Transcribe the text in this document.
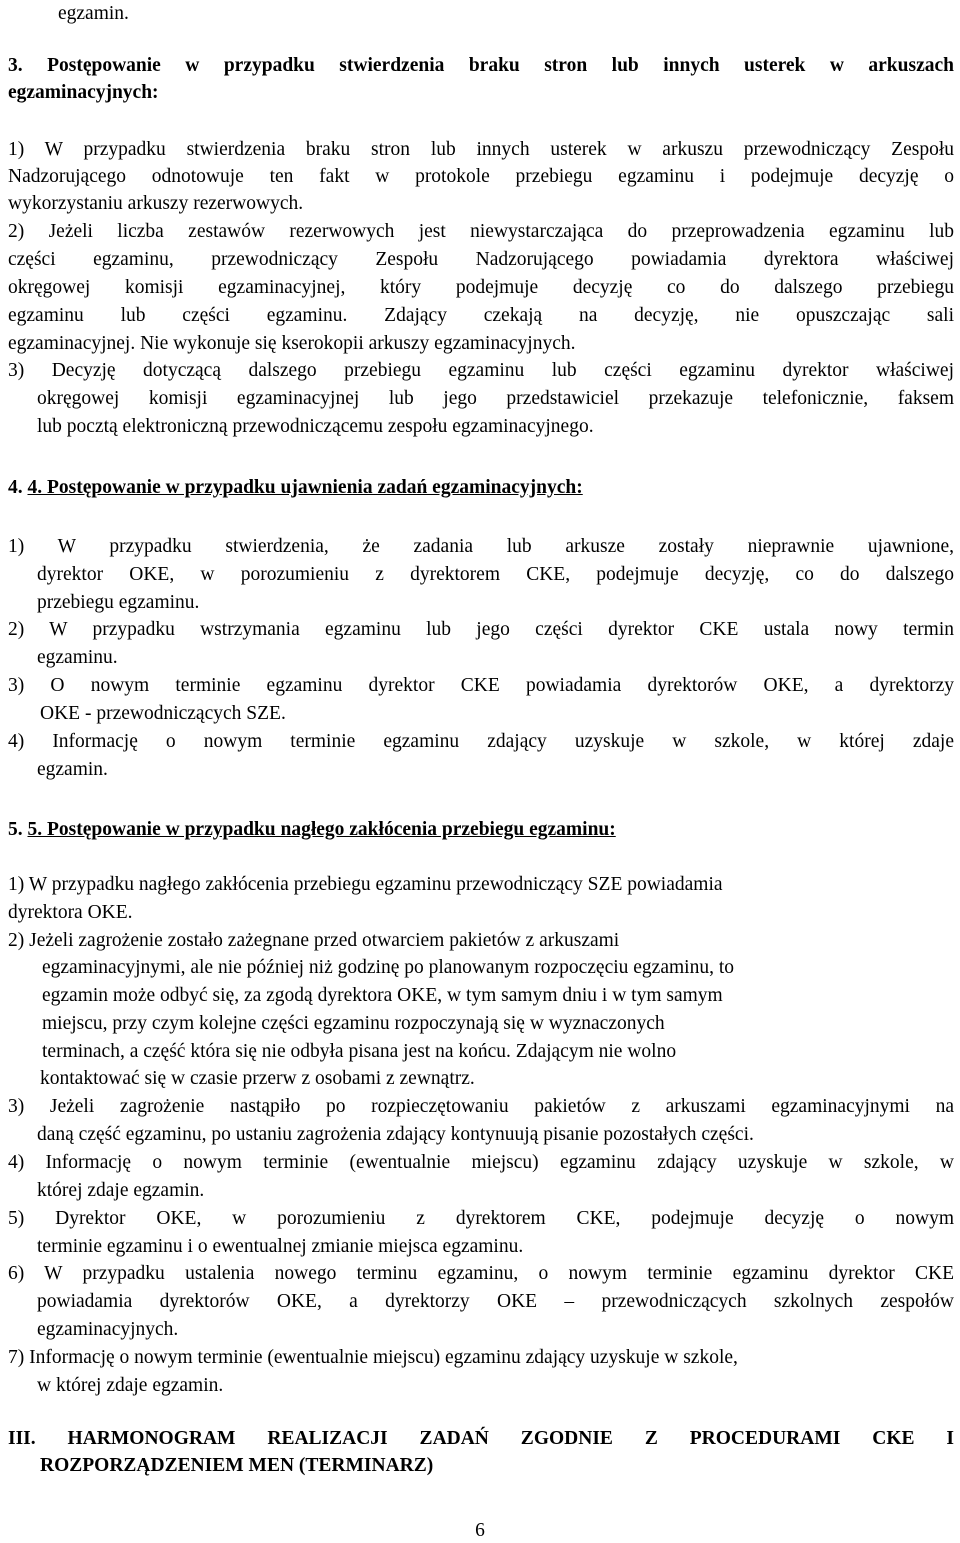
egzamin.
3. Postępowanie w przypadku stwierdzenia braku stron lub innych usterek w arkuszach
egzaminacyjnych:
1) W przypadku stwierdzenia braku stron lub innych usterek w arkuszu przewodniczący Zespołu
Nadzorującego odnotowuje ten fakt w protokole przebiegu egzaminu i podejmuje decyzję o
wykorzystaniu arkuszy rezerwowych.
2) Jeżeli liczba zestawów rezerwowych jest niewystarczająca do przeprowadzenia egzaminu lub
części egzaminu, przewodniczący Zespołu Nadzorującego powiadamia dyrektora właściwej
okręgowej komisji egzaminacyjnej, który podejmuje decyzję co do dalszego przebiegu
egzaminu lub części egzaminu. Zdający czekają na decyzję, nie opuszczając sali
egzaminacyjnej. Nie wykonuje się kserokopii arkuszy egzaminacyjnych.
3) Decyzję dotyczącą dalszego przebiegu egzaminu lub części egzaminu dyrektor właściwej
okręgowej komisji egzaminacyjnej lub jego przedstawiciel przekazuje telefonicznie, faksem
lub pocztą elektroniczną przewodniczącemu zespołu egzaminacyjnego.
4. 4. Postępowanie w przypadku ujawnienia zadań egzaminacyjnych:
1) W przypadku stwierdzenia, że zadania lub arkusze zostały nieprawnie ujawnione,
dyrektor OKE, w porozumieniu z dyrektorem CKE, podejmuje decyzję, co do dalszego
przebiegu egzaminu.
2) W przypadku wstrzymania egzaminu lub jego części dyrektor CKE ustala nowy termin
egzaminu.
3) O nowym terminie egzaminu dyrektor CKE powiadamia dyrektorów OKE, a dyrektorzy
OKE - przewodniczących SZE.
4) Informację o nowym terminie egzaminu zdający uzyskuje w szkole, w której zdaje
egzamin.
5. 5. Postępowanie w przypadku nagłego zakłócenia przebiegu egzaminu:
1) W przypadku nagłego zakłócenia przebiegu egzaminu przewodniczący SZE powiadamia
dyrektora OKE.
2) Jeżeli zagrożenie zostało zażegnane przed otwarciem pakietów z arkuszami
egzaminacyjnymi, ale nie później niż godzinę po planowanym rozpoczęciu egzaminu, to
egzamin może odbyć się, za zgodą dyrektora OKE, w tym samym dniu i w tym samym
miejscu, przy czym kolejne części egzaminu rozpoczynają się w wyznaczonych
terminach, a część która się nie odbyła pisana jest na końcu. Zdającym nie wolno
kontaktować się w czasie przerw z osobami z zewnątrz.
3) Jeżeli zagrożenie nastąpiło po rozpieczętowaniu pakietów z arkuszami egzaminacyjnymi na
daną część egzaminu, po ustaniu zagrożenia zdający kontynuują pisanie pozostałych części.
4) Informację o nowym terminie (ewentualnie miejscu) egzaminu zdający uzyskuje w szkole, w
której zdaje egzamin.
5) Dyrektor OKE, w porozumieniu z dyrektorem CKE, podejmuje decyzję o nowym
terminie egzaminu i o ewentualnej zmianie miejsca egzaminu.
6) W przypadku ustalenia nowego terminu egzaminu, o nowym terminie egzaminu dyrektor CKE
powiadamia dyrektorów OKE, a dyrektorzy OKE – przewodniczących szkolnych zespołów
egzaminacyjnych.
7) Informację o nowym terminie (ewentualnie miejscu) egzaminu zdający uzyskuje w szkole,
w której zdaje egzamin.
III. HARMONOGRAM REALIZACJI ZADAŃ ZGODNIE Z PROCEDURAMI CKE I
ROZPORZĄDZENIEM MEN (TERMINARZ)
6
